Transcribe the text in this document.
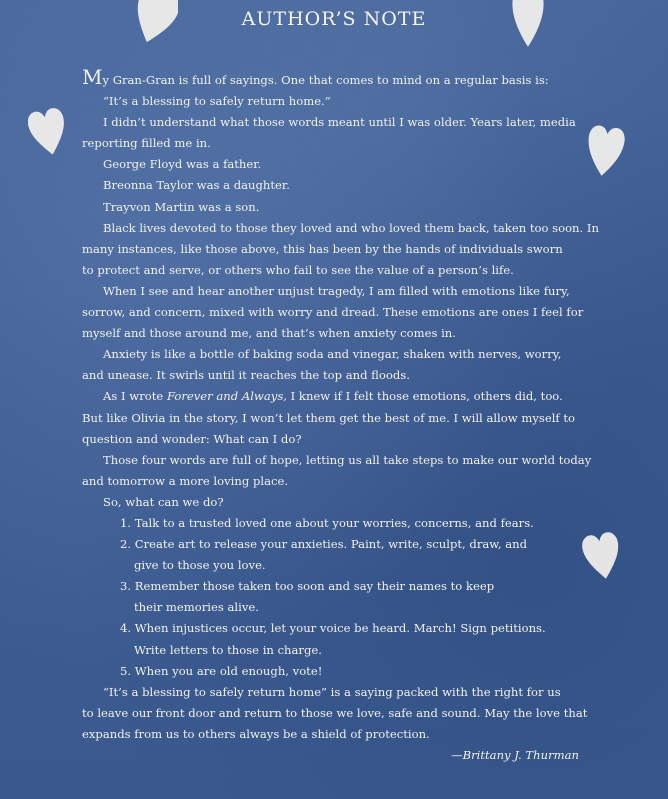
AUTHOR’S NOTE
My Gran-Gran is full of sayings. One that comes to mind on a regular basis is:
“It’s a blessing to safely return home.”
I didn’t understand what those words meant until I was older. Years later, media
reporting filled me in.
George Floyd was a father.
Breonna Taylor was a daughter.
Trayvon Martin was a son.
Black lives devoted to those they loved and who loved them back, taken too soon. In
many instances, like those above, this has been by the hands of individuals sworn
to protect and serve, or others who fail to see the value of a person’s life.
When I see and hear another unjust tragedy, I am filled with emotions like fury,
sorrow, and concern, mixed with worry and dread. These emotions are ones I feel for
myself and those around me, and that’s when anxiety comes in.
Anxiety is like a bottle of baking soda and vinegar, shaken with nerves, worry,
and unease. It swirls until it reaches the top and floods.
As I wrote Forever and Always, I knew if I felt those emotions, others did, too.
But like Olivia in the story, I won’t let them get the best of me. I will allow myself to
question and wonder: What can I do?
Those four words are full of hope, letting us all take steps to make our world today
and tomorrow a more loving place.
So, what can we do?
1. Talk to a trusted loved one about your worries, concerns, and fears.
2. Create art to release your anxieties. Paint, write, sculpt, draw, and
give to those you love.
3. Remember those taken too soon and say their names to keep
their memories alive.
4. When injustices occur, let your voice be heard. March! Sign petitions.
Write letters to those in charge.
5. When you are old enough, vote!
“It’s a blessing to safely return home” is a saying packed with the right for us
to leave our front door and return to those we love, safe and sound. May the love that
expands from us to others always be a shield of protection.
—Brittany J. Thurman
